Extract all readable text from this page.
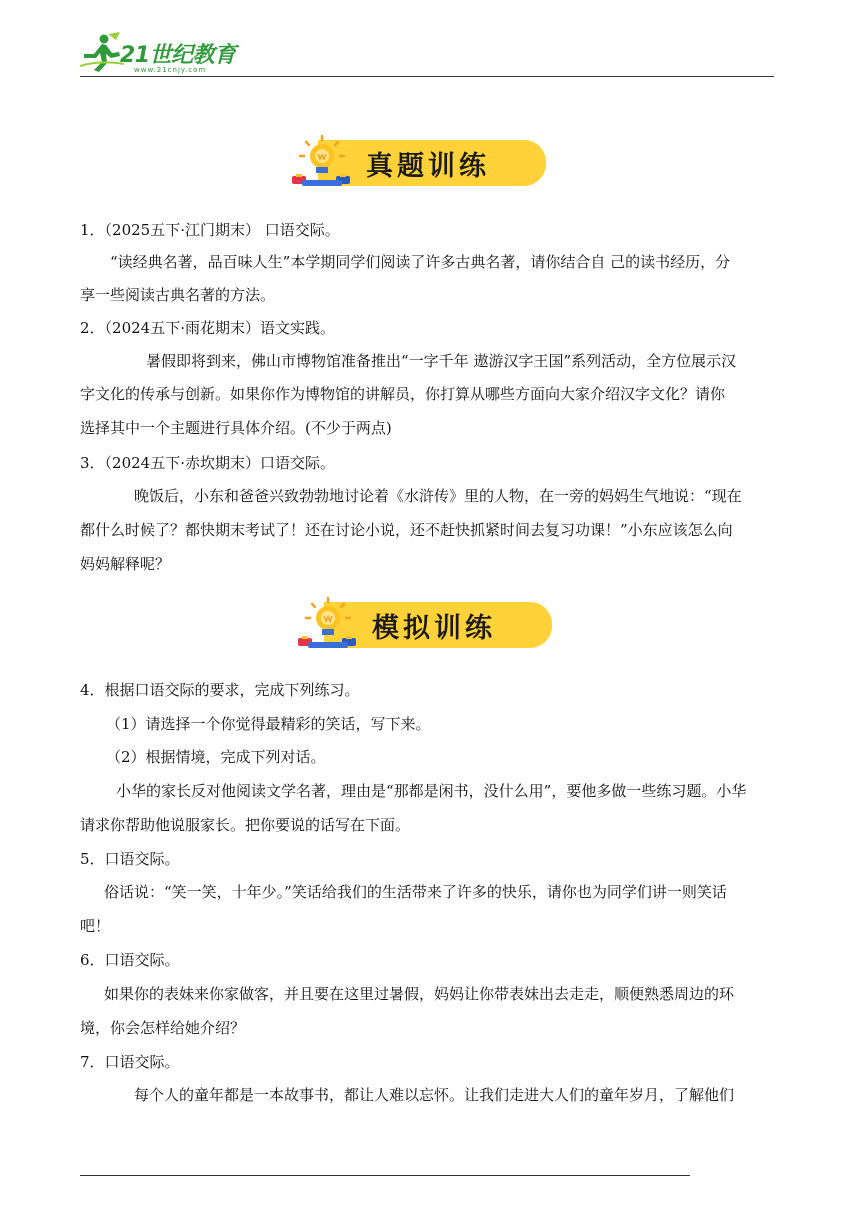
21世纪教育
www.21cnjy.com
真题训练
1．（2025五下·江门期末） 口语交际。
“读经典名著，品百味人生”本学期同学们阅读了许多古典名著，请你结合自 己的读书经历，分
享一些阅读古典名著的方法。
2．（2024五下·雨花期末）语文实践。
暑假即将到来，佛山市博物馆准备推出“一字千年 遨游汉字王国”系列活动，全方位展示汉
字文化的传承与创新。如果你作为博物馆的讲解员，你打算从哪些方面向大家介绍汉字文化？请你
选择其中一个主题进行具体介绍。(不少于两点)
3．（2024五下·赤坎期末）口语交际。
晚饭后，小东和爸爸兴致勃勃地讨论着《水浒传》里的人物，在一旁的妈妈生气地说：“现在
都什么时候了？都快期末考试了！还在讨论小说，还不赶快抓紧时间去复习功课！”小东应该怎么向
妈妈解释呢？
模拟训练
4．根据口语交际的要求，完成下列练习。
（1）请选择一个你觉得最精彩的笑话，写下来。
（2）根据情境，完成下列对话。
小华的家长反对他阅读文学名著，理由是“那都是闲书，没什么用”，要他多做一些练习题。小华
请求你帮助他说服家长。把你要说的话写在下面。
5．口语交际。
俗话说：“笑一笑，十年少。”笑话给我们的生活带来了许多的快乐，请你也为同学们讲一则笑话
吧！
6．口语交际。
如果你的表妹来你家做客，并且要在这里过暑假，妈妈让你带表妹出去走走，顺便熟悉周边的环
境，你会怎样给她介绍？
7．口语交际。
每个人的童年都是一本故事书，都让人难以忘怀。让我们走进大人们的童年岁月，了解他们
